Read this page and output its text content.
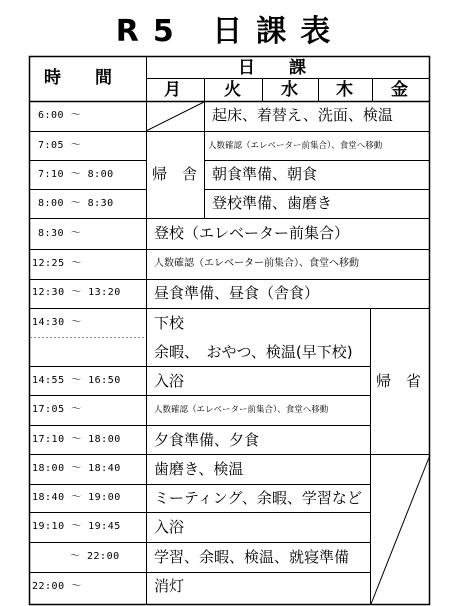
R5 日課表
時　　間	日　　課
月	火 水 木 金
6:00 ～
7:05 ～
7:10 ～ 8:00
8:00 ～ 8:30
8:30 ～
12:25 ～
12:30 ～ 13:20
14:30 ～
14:55 ～ 16:50
17:05 ～
17:10 ～ 18:00
18:00 ～ 18:40
18:40 ～ 19:00
19:10 ～ 19:45
～ 22:00
22:00 ～
帰　舎
起床、着替え、洗面、検温
人数確認（エレベーター前集合）、食堂へ移動
朝食準備、朝食
登校準備、歯磨き
登校（エレベーター前集合）
人数確認（エレベーター前集合）、食堂へ移動
昼食準備、昼食（舎食）
下校
余暇、　おやつ、検温(早下校)
入浴
人数確認（エレベーター前集合）、食堂へ移動
夕食準備、夕食
歯磨き、検温
ミーティング、余暇、学習など
入浴
学習、余暇、検温、就寝準備
消灯
帰　省
